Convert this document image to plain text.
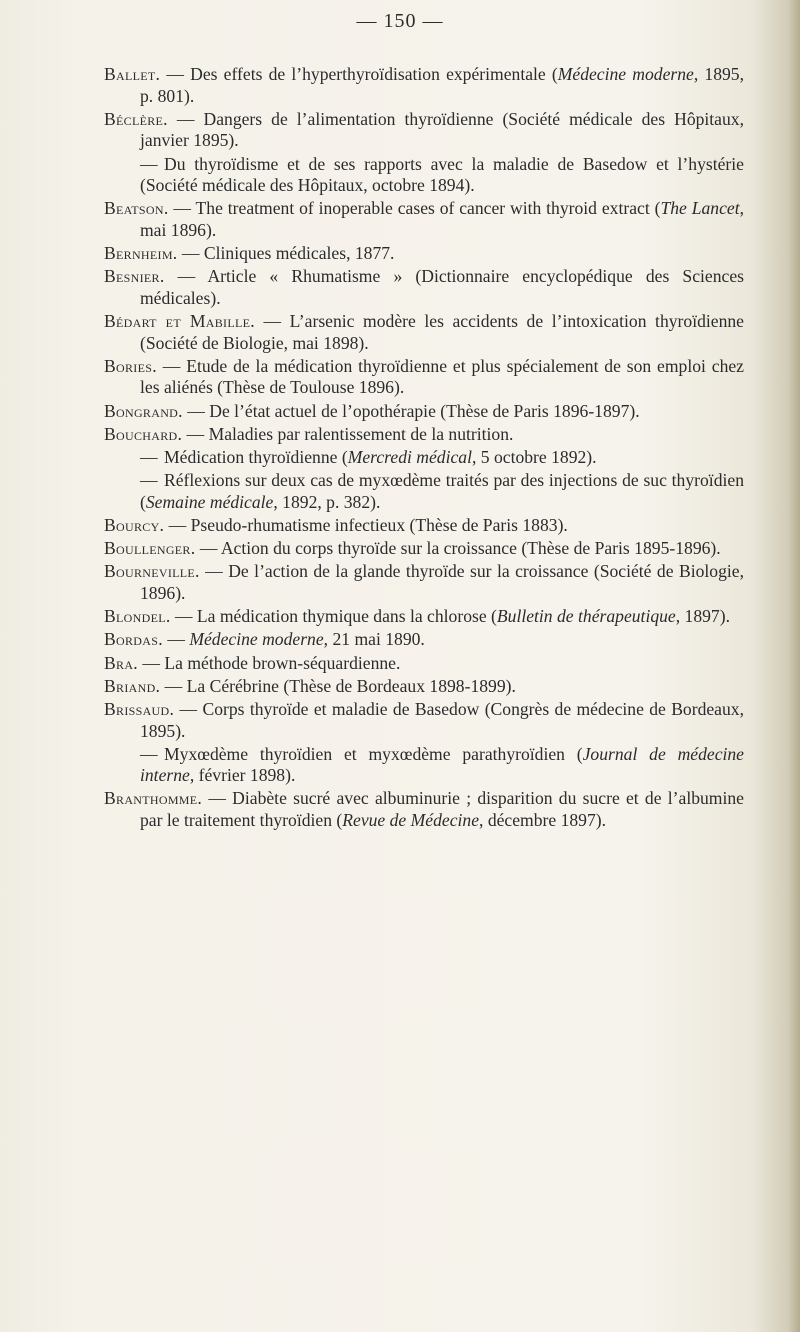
— 150 —

Ballet. — Des effets de l’hyperthyroïdisation expérimentale (Médecine moderne, 1895, p. 801).

Béclère. — Dangers de l’alimentation thyroïdienne (Société médicale des Hôpitaux, janvier 1895).

— Du thyroïdisme et de ses rapports avec la maladie de Basedow et l’hystérie (Société médicale des Hôpitaux, octobre 1894).

Beatson. — The treatment of inoperable cases of cancer with thyroid extract (The Lancet, mai 1896).

Bernheim. — Cliniques médicales, 1877.

Besnier. — Article « Rhumatisme » (Dictionnaire encyclopédique des Sciences médicales).

Bédart et Mabille. — L’arsenic modère les accidents de l’intoxication thyroïdienne (Société de Biologie, mai 1898).

Bories. — Etude de la médication thyroïdienne et plus spécialement de son emploi chez les aliénés (Thèse de Toulouse 1896).

Bongrand. — De l’état actuel de l’opothérapie (Thèse de Paris 1896-1897).

Bouchard. — Maladies par ralentissement de la nutrition.

— Médication thyroïdienne (Mercredi médical, 5 octobre 1892).

— Réflexions sur deux cas de myxœdème traités par des injections de suc thyroïdien (Semaine médicale, 1892, p. 382).

Bourcy. — Pseudo-rhumatisme infectieux (Thèse de Paris 1883).

Boullenger. — Action du corps thyroïde sur la croissance (Thèse de Paris 1895-1896).

Bourneville. — De l’action de la glande thyroïde sur la croissance (Société de Biologie, 1896).

Blondel. — La médication thymique dans la chlorose (Bulletin de thérapeutique, 1897).

Bordas. — Médecine moderne, 21 mai 1890.

Bra. — La méthode brown-séquardienne.

Briand. — La Cérébrine (Thèse de Bordeaux 1898-1899).

Brissaud. — Corps thyroïde et maladie de Basedow (Congrès de médecine de Bordeaux, 1895).

— Myxœdème thyroïdien et myxœdème parathyroïdien (Journal de médecine interne, février 1898).

Branthomme. — Diabète sucré avec albuminurie ; disparition du sucre et de l’albumine par le traitement thyroïdien (Revue de Médecine, décembre 1897).
